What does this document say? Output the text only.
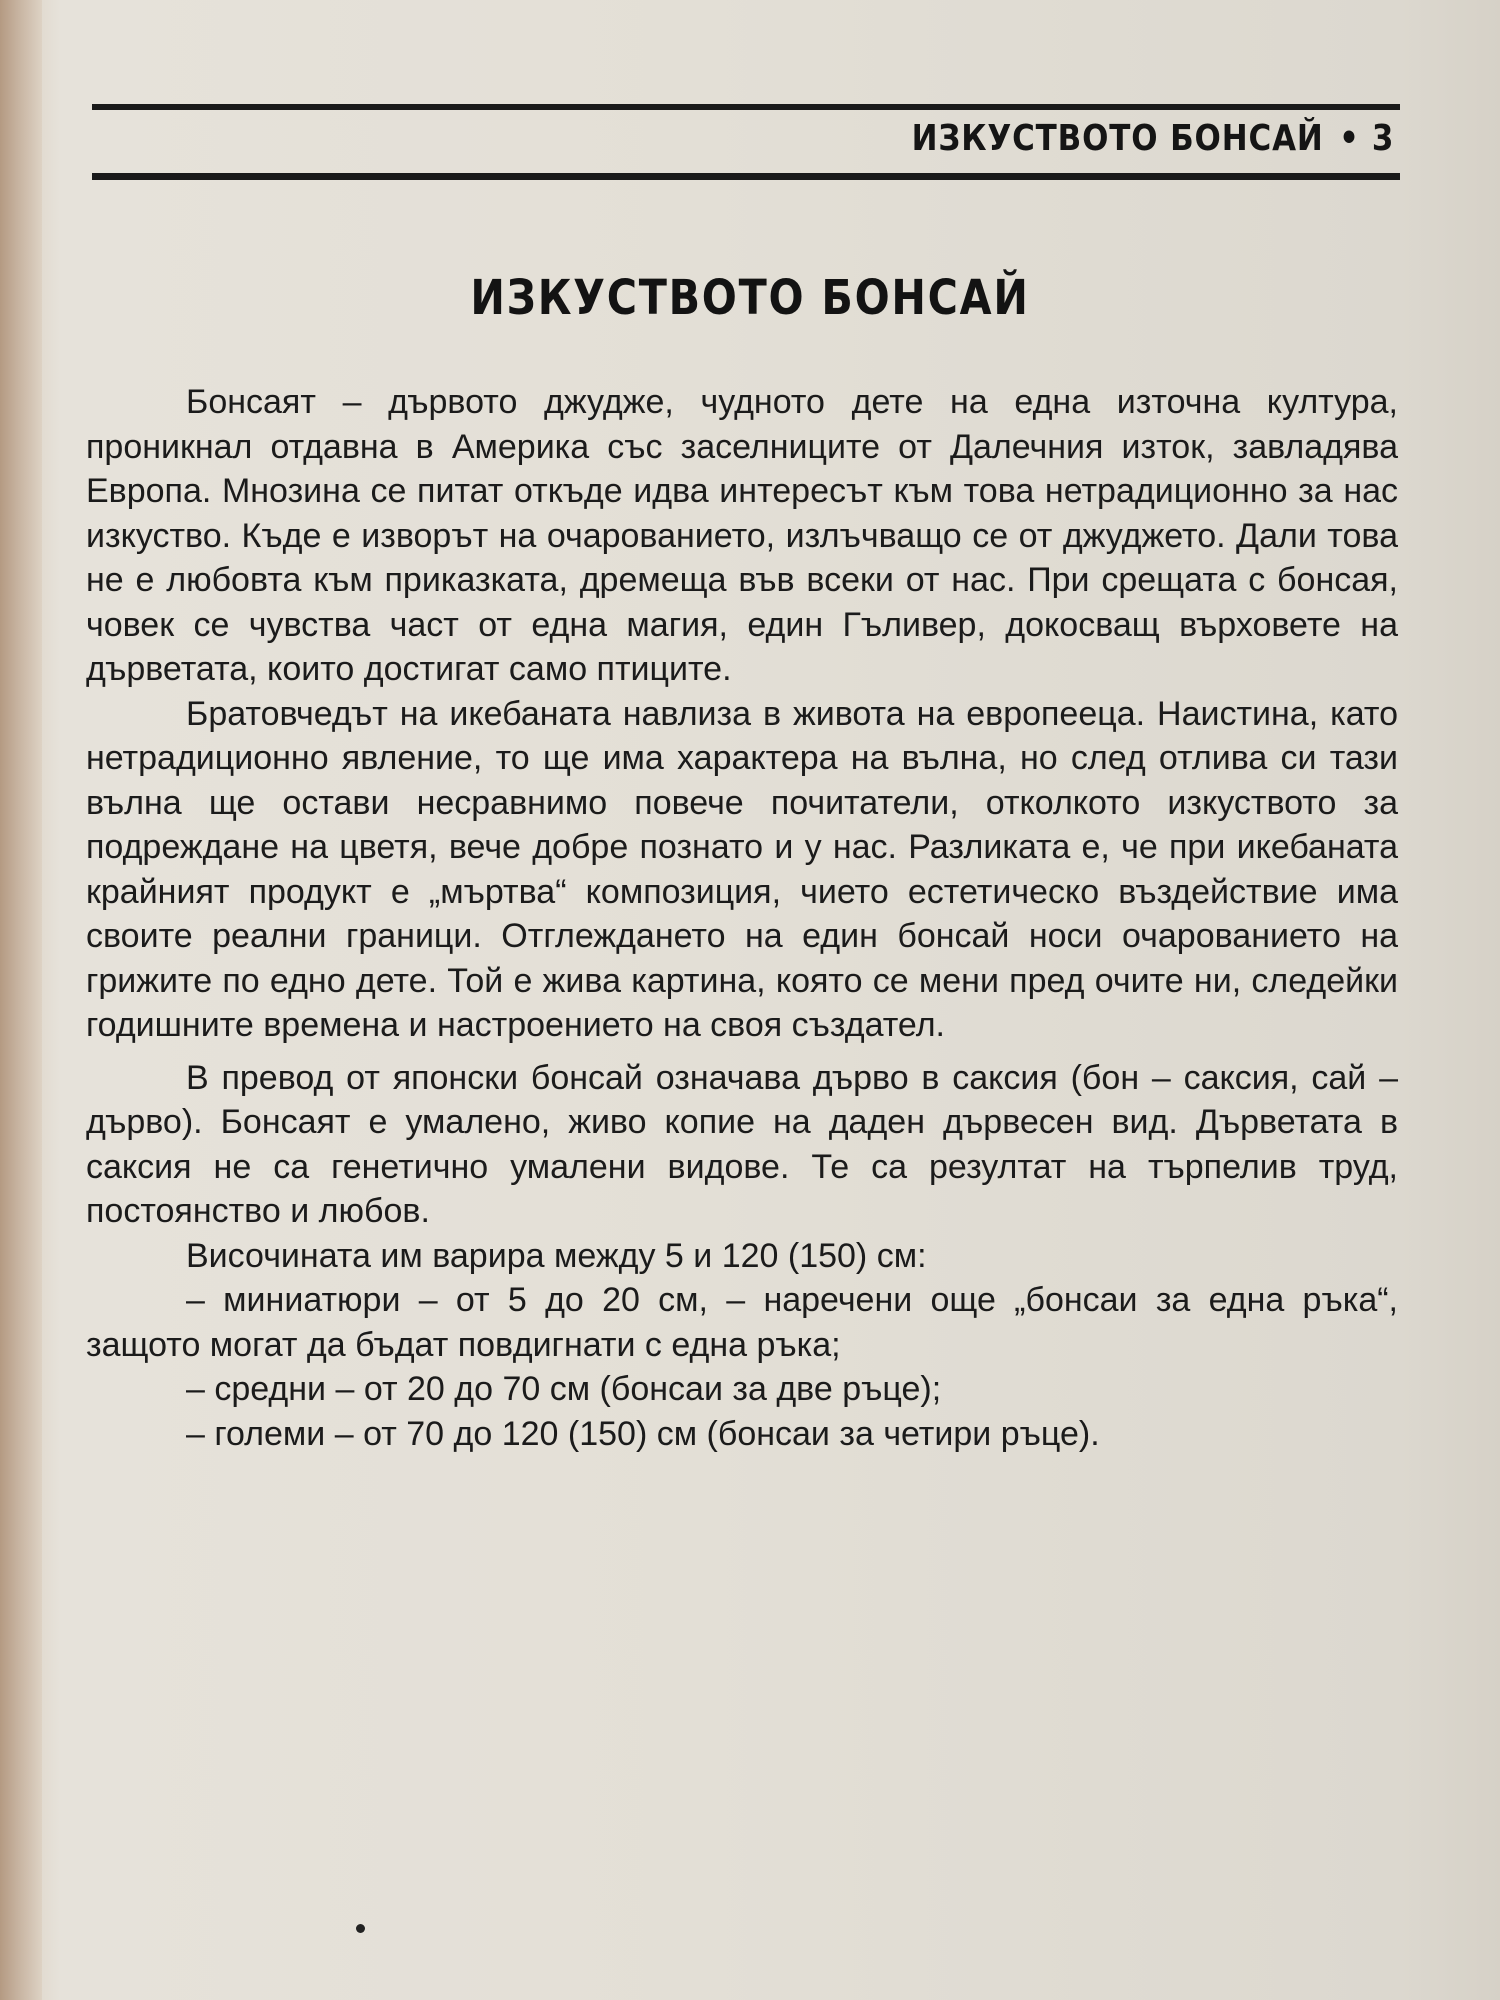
ИЗКУСТВОТО БОНСАЙ • 3
ИЗКУСТВОТО БОНСАЙ

Бонсаят – дървото джудже, чудното дете на една източна култура, проникнал отдавна в Америка със заселниците от Далечния изток, завладява Европа. Мнозина се питат откъде идва интересът към това нетрадиционно за нас изкуство. Къде е изворът на очарованието, излъчващо се от джуджето. Дали това не е любовта към приказката, дремеща във всеки от нас. При срещата с бонсая, човек се чувства част от една магия, един Гъливер, докосващ върховете на дърветата, които достигат само птиците.

Братовчедът на икебаната навлиза в живота на европееца. Наистина, като нетрадиционно явление, то ще има характера на вълна, но след отлива си тази вълна ще остави несравнимо повече почитатели, отколкото изкуството за подреждане на цветя, вече добре познато и у нас. Разликата е, че при икебаната крайният продукт е „мъртва“ композиция, чието естетическо въздействие има своите реални граници. Отглеждането на един бонсай носи очарованието на грижите по едно дете. Той е жива картина, която се мени пред очите ни, следейки годишните времена и настроението на своя създател.

В превод от японски бонсай означава дърво в саксия (бон – саксия, сай – дърво). Бонсаят е умалено, живо копие на даден дървесен вид. Дърветата в саксия не са генетично умалени видове. Те са резултат на търпелив труд, постоянство и любов.

Височината им варира между 5 и 120 (150) см:

– миниатюри – от 5 до 20 см, – наречени още „бонсаи за една ръка“, защото могат да бъдат повдигнати с една ръка;
– средни – от 20 до 70 см (бонсаи за две ръце);
– големи – от 70 до 120 (150) см (бонсаи за четири ръце).
